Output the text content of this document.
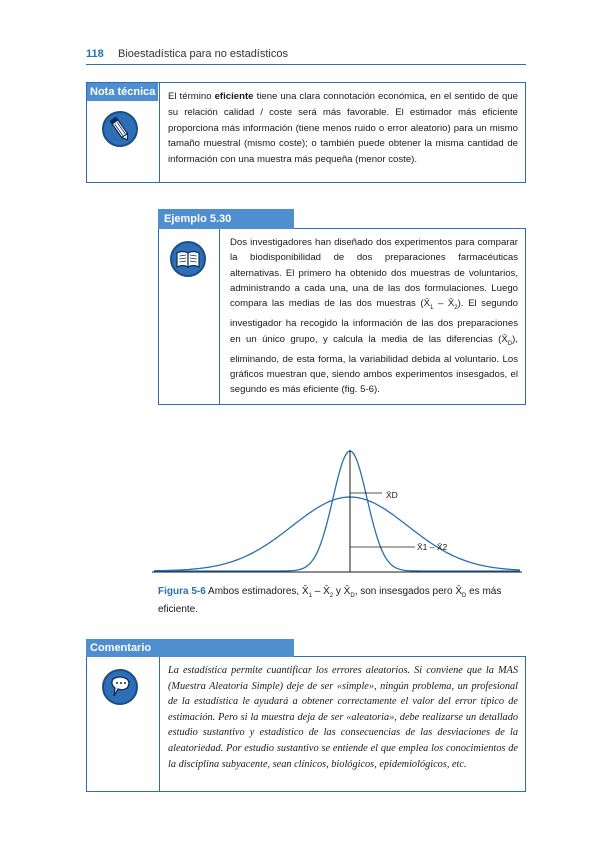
118 Bioestadística para no estadísticos
Nota técnica El término eficiente tiene una clara connotación económica, en el sentido de que su relación calidad / coste será más favorable. El estimador más eficiente proporciona más información (tiene menos ruido o error aleatorio) para un mismo tamaño muestral (mismo coste); o también puede obtener la misma cantidad de información con una muestra más pequeña (menor coste).
Ejemplo 5.30
Dos investigadores han diseñado dos experimentos para comparar la biodisponibilidad de dos preparaciones farmacéuticas alternativas. El primero ha obtenido dos muestras de voluntarios, administrando a cada una, una de las dos formulaciones. Luego compara las medias de las dos muestras ($X̄_1$ – $X̄_2$). El segundo investigador ha recogido la información de las dos preparaciones en un único grupo, y calcula la media de las diferencias $(X̄_D)$, eliminando, de esta forma, la variabilidad debida al voluntario. Los gráficos muestran que, siendo ambos experimentos insesgados, el segundo es más eficiente (fig. 5-6).
X̄D
X̄1 – X̄2
Figura 5-6 Ambos estimadores, $X̄_1$ – $X̄_2$ y $X̄_D$, son insesgados pero $X̄_D$ es más eficiente.
Comentario
La estadística permite cuantificar los errores aleatorios. Si conviene que la MAS (Muestra Aleatoria Simple) deje de ser «simple», ningún problema, un profesional de la estadística le ayudará a obtener correctamente el valor del error típico de estimación. Pero si la muestra deja de ser «aleatoria», debe realizarse un detallado estudio sustantivo y estadístico de las consecuencias de las desviaciones de la aleatoriedad. Por estudio sustantivo se entiende el que emplea los conocimientos de la disciplina subyacente, sean clínicos, biológicos, epidemiológicos, etc.
